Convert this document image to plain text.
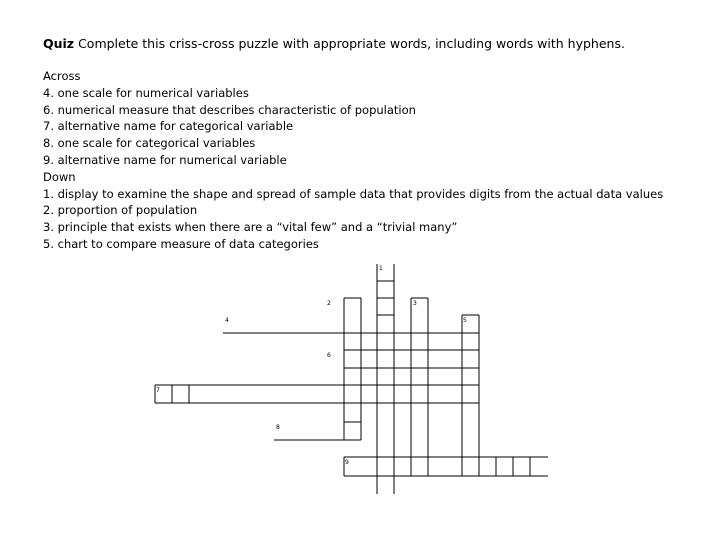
Quiz Complete this criss-cross puzzle with appropriate words, including words with hyphens.
Across
4. one scale for numerical variables
6. numerical measure that describes characteristic of population
7. alternative name for categorical variable
8. one scale for categorical variables
9. alternative name for numerical variable
Down
1. display to examine the shape and spread of sample data that provides digits from the actual data values
2. proportion of population
3. principle that exists when there are a “vital few” and a “trivial many”
5. chart to compare measure of data categories
1
2	3
4	5
6
7
8
9
